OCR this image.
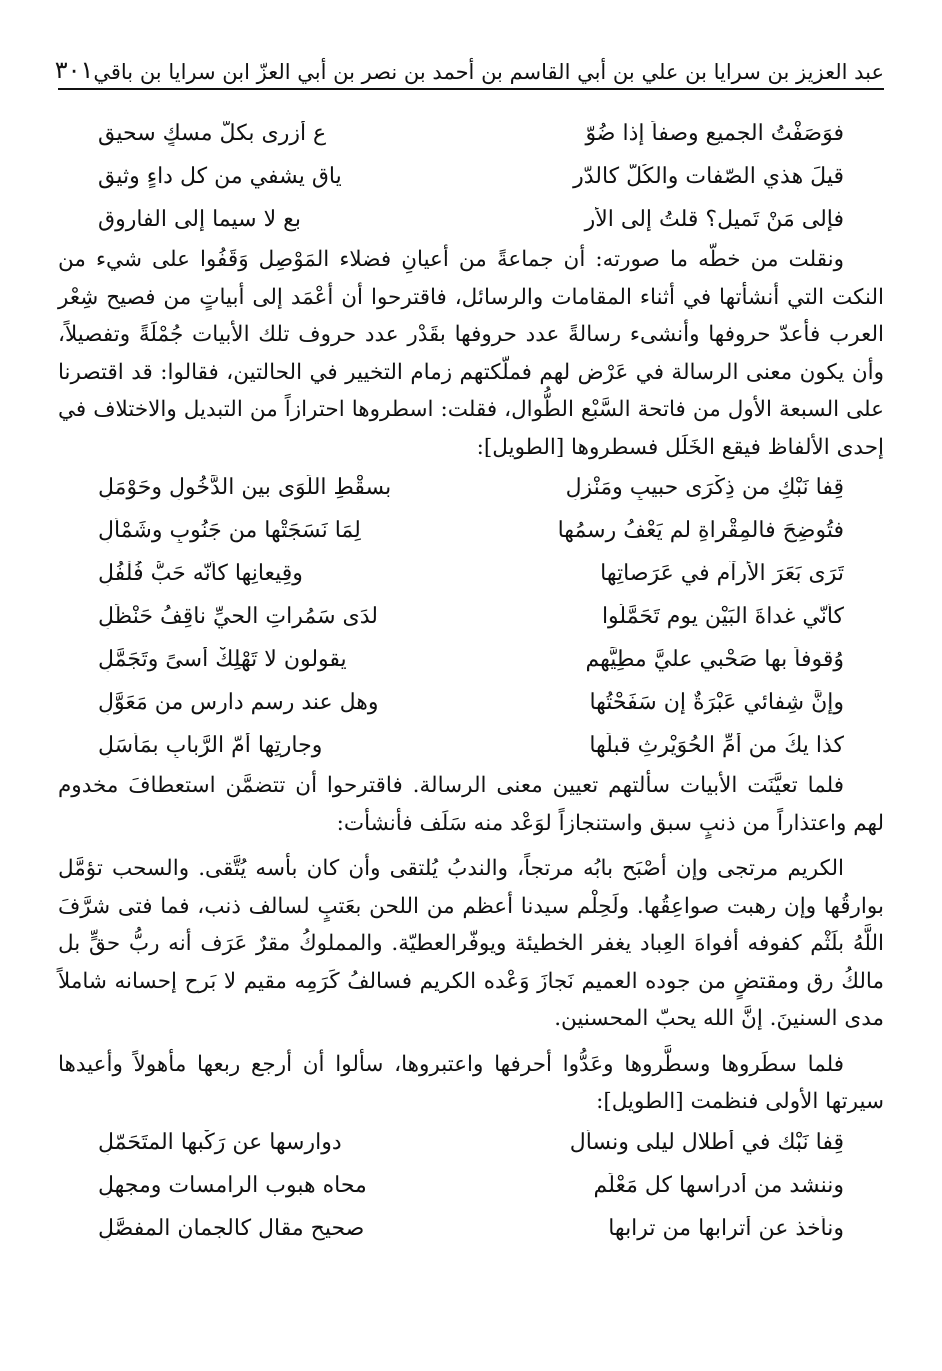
عبد العزيز بن سرايا بن علي بن أبي القاسم بن أحمد بن نصر بن أبي العزّ ابن سرايا بن باقي
٣٠١
فوَصَفْتُ الجميع وصفاً إذا ضُوّ
ع أزرى بكلّ مسكٍ سحيقِ
قيلَ هذي الصّفات والكُلّ كالدّر
ياق يشفي من كل داءٍ وثيقِ
فإلى مَنْ تَميل؟ قلتُ إلى الأر
بعِ لا سيما إلى الفاروقِ

ونقلت من خطّه ما صورته: أن جماعةً من أعيانِ فضلاء المَوْصِل وَقَفُوا على شيء من النكت التي أنشأتها في أثناء المقامات والرسائل، فاقترحوا أن أعْمَد إلى أبياتٍ من فصيح شِعْر العرب فأعدّ حروفها وأنشىء رسالةً عدد حروفها بقَدْر عدد حروف تلك الأبيات جُمْلَةً وتفصيلاً، وأن يكون معنى الرسالة في عَرْض لهم فملّكتهم زمام التخيير في الحالتين، فقالوا: قد اقتصرنا على السبعة الأول من فاتحة السَّبْع الطُّوال، فقلت: اسطروها احترازاً من التبديل والاختلاف في إحدى الألفاظ فيقع الخَلَل فسطروها [الطويل]:

قِفا نَبْكِ من ذِكْرَى حبيبٍ ومَنْزِلِ
بسقْطِ اللِّوَى بين الدَّخُولِ وحَوْمَلِ
فتُوضِحَ فالمِقْراةِ لم يَعْفُ رسمُها
لِمَا نَسَجَتْها من جَنُوبٍ وشَمْألِ
تَرَى بَعَرَ الأرآمِ في عَرَصاتِها
وقِيعانِها كأنّه حَبُّ فُلْفُلِ
كأنّي غداةَ البَيْنِ يوم تَحَمَّلُوا
لدَى سَمُراتِ الحيِّ ناقِفُ حَنْظَلِ
وُقوفاً بها صَحْبي عليَّ مطِيَّهم
يقولون لا تَهْلِكْ أسىً وتَجَمَّلِ
وإنَّ شِفائي عَبْرَةٌ إن سَفَحْتُها
وهل عند رسمٍ دارسٍ من مَعَوَّلِ
كذا يكُ من أمِّ الحُوَيْرِثِ قبلَها
وجارتِها أمّ الرَّبابِ بمَأسَلِ

فلما تعيَّنَت الأبيات سألتهم تعيين معنى الرسالة. فاقترحوا أن تتضمَّن استعطافَ مخدوم لهم واعتذاراً من ذنبٍ سبق واستنجازاً لوَعْد منه سَلَف فأنشأت:

الكريم مرتجى وإن أصْبَح بابُه مرتجاً، والندبُ يُلتقى وأن كان بأسه يُتَّقى. والسحب تؤمَّل بوارقُها وإن رهبت صواعِقُها. ولَحِلْم سيدنا أعظم من اللحن بعَتبٍ لسالف ذنب، فما فتى شرَّفَ اللَّهُ بلَثْم كفوفه أفواهَ العِباد يغفر الخطيئة ويوفّرالعطيّة. والمملوكُ مقرٌ عَرَف أنه ربُّ حقٍّ بل مالكُ رق ومقتضٍ من جوده العميم نَجازَ وَعْده الكريم فسالفُ كَرَمِه مقيم لا بَرح إحسانه شاملاً مدى السنينَ. إنَّ الله يحبّ المحسنين.

فلما سطَروها وسطَّروها وعَدُّوا أحرفها واعتبروها، سألوا أن أرجع ربعها مأهولاً وأعيدها سيرتها الأولى فنظمت [الطويل]:

قِفا نَبْك في أطلال ليلى ونسأل
دوارسها عن رَكْبها المتَحَمّلِ
وننشد من أدراسها كل مَعْلَم
محاه هبوب الرامسات ومجهلِ
ونأخذ عن أترابها من ترابها
صحيح مقال كالجمان المفصَّلِ
